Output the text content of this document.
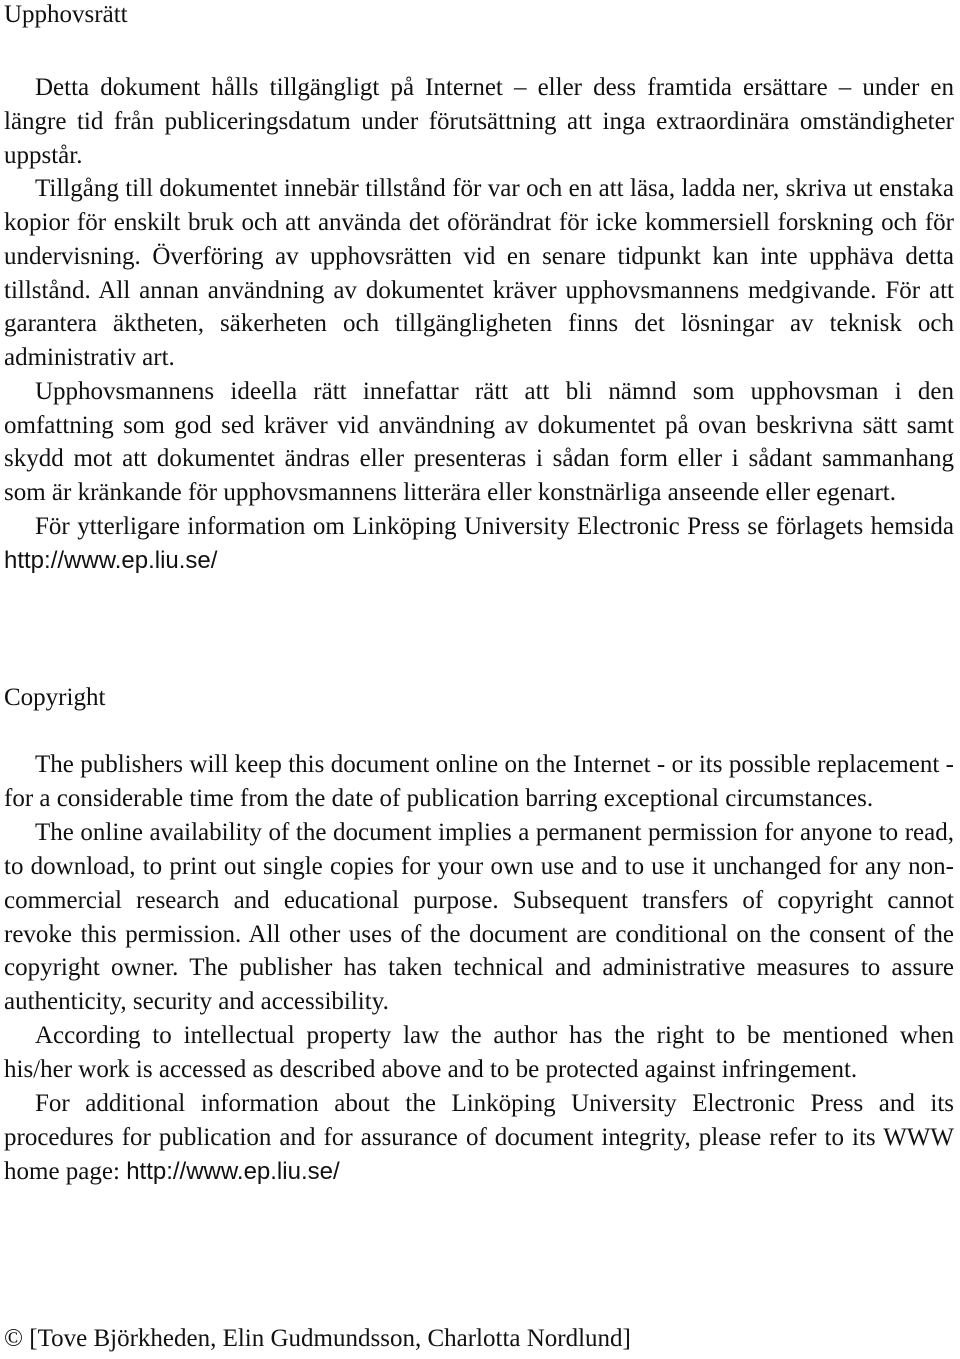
Upphovsrätt

Detta dokument hålls tillgängligt på Internet – eller dess framtida ersättare – under en längre tid från publiceringsdatum under förutsättning att inga extraordinära omständigheter uppstår.

Tillgång till dokumentet innebär tillstånd för var och en att läsa, ladda ner, skriva ut enstaka kopior för enskilt bruk och att använda det oförändrat för icke kommersiell forskning och för undervisning. Överföring av upphovsrätten vid en senare tidpunkt kan inte upphäva detta tillstånd. All annan användning av dokumentet kräver upphovsmannens medgivande. För att garantera äktheten, säkerheten och tillgängligheten finns det lösningar av teknisk och administrativ art.

Upphovsmannens ideella rätt innefattar rätt att bli nämnd som upphovsman i den omfattning som god sed kräver vid användning av dokumentet på ovan beskrivna sätt samt skydd mot att dokumentet ändras eller presenteras i sådan form eller i sådant sammanhang som är kränkande för upphovsmannens litterära eller konstnärliga anseende eller egenart.

För ytterligare information om Linköping University Electronic Press se förlagets hemsida http://www.ep.liu.se/

Copyright

The publishers will keep this document online on the Internet - or its possible replacement - for a considerable time from the date of publication barring exceptional circumstances.

The online availability of the document implies a permanent permission for anyone to read, to download, to print out single copies for your own use and to use it unchanged for any non-commercial research and educational purpose. Subsequent transfers of copyright cannot revoke this permission. All other uses of the document are conditional on the consent of the copyright owner. The publisher has taken technical and administrative measures to assure authenticity, security and accessibility.

According to intellectual property law the author has the right to be mentioned when his/her work is accessed as described above and to be protected against infringement.

For additional information about the Linköping University Electronic Press and its procedures for publication and for assurance of document integrity, please refer to its WWW home page: http://www.ep.liu.se/

© [Tove Björkheden, Elin Gudmundsson, Charlotta Nordlund]
